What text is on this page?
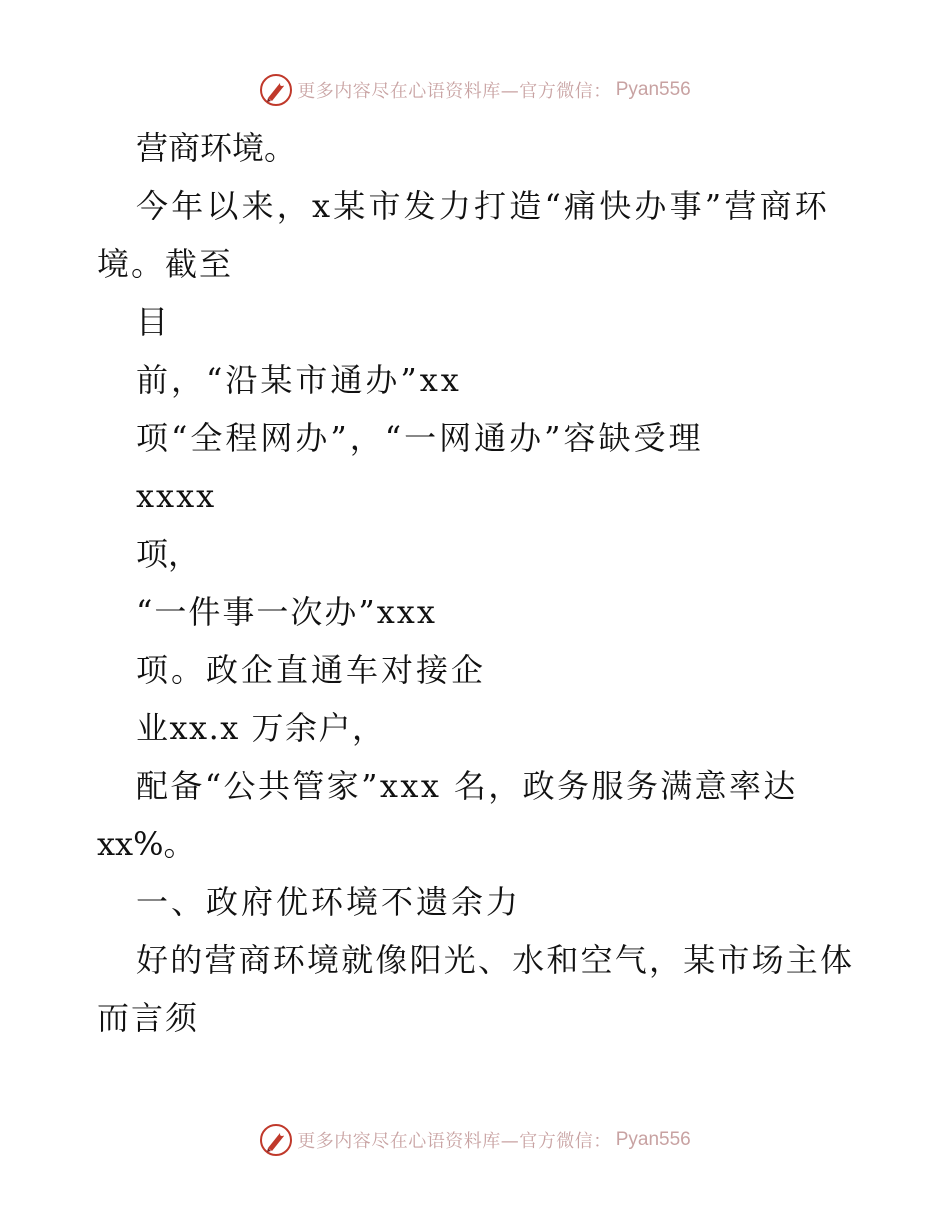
更多内容尽在心语资料库—官方微信： Pyan556
营商环境。
今年以来，x某市发力打造“痛快办事”营商环
境。截至
目
前，“沿某市通办”xx
项“全程网办”，“一网通办”容缺受理
xxxx
项，
“一件事一次办”xxx
项。政企直通车对接企
业xx.x 万余户，
配备“公共管家”xxx 名，政务服务满意率达
xx%。
一、政府优环境不遗余力
好的营商环境就像阳光、水和空气，某市场主体
而言须
更多内容尽在心语资料库—官方微信： Pyan556
